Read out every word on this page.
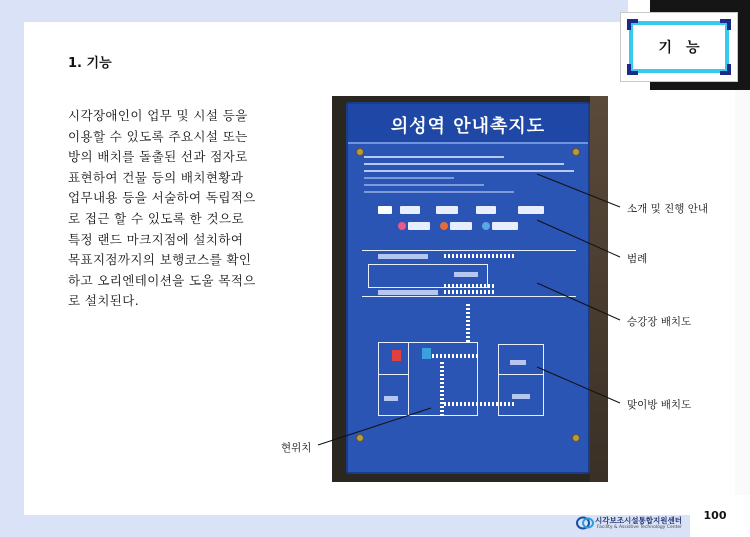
기능
1. 기능
시각장애인이 업무 및 시설 등을
이용할 수 있도록 주요시설 또는
방의 배치를 돌출된 선과 점자로
표현하여 건물 등의 배치현황과
업무내용 등을 서술하여 독립적으
로 접근 할 수 있도록 한 것으로
특정 랜드 마크지점에 설치하여
목표지점까지의 보행코스를 확인
하고 오리엔테이션을 도울 목적으
로 설치된다.
의성역 안내촉지도
소개 및 진행 안내
범례
승강장 배치도
맞이방 배치도
현위치
100
시각보조시설통합지원센터
Facility & Assistive Technology Center
